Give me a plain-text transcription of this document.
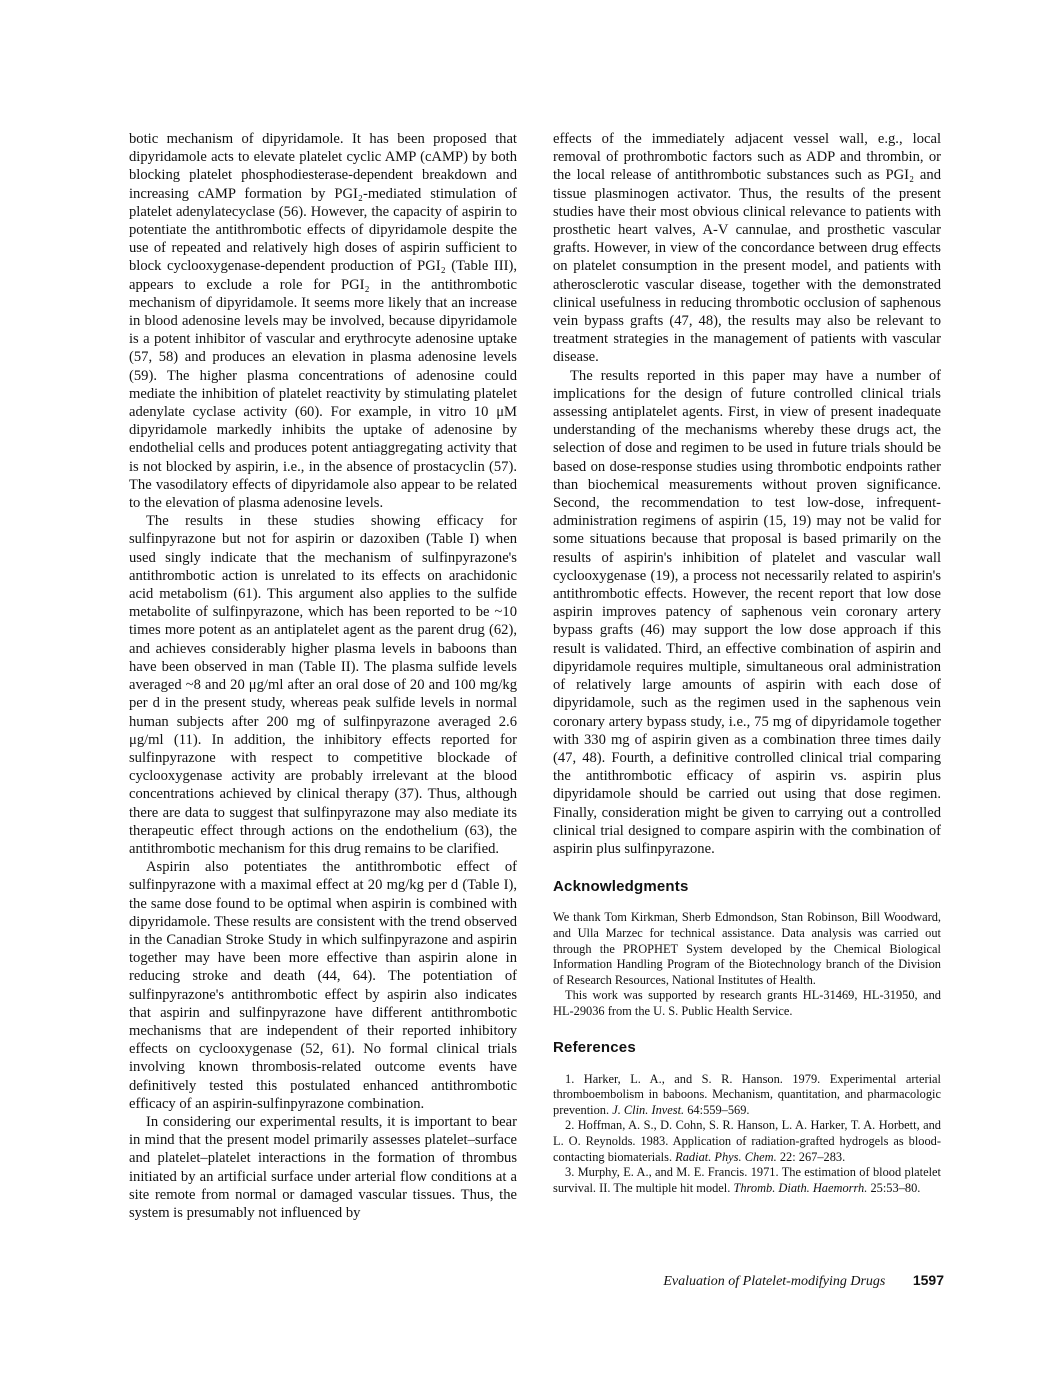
botic mechanism of dipyridamole. It has been proposed that dipyridamole acts to elevate platelet cyclic AMP (cAMP) by both blocking platelet phosphodiesterase-dependent breakdown and increasing cAMP formation by PGI₂-mediated stimulation of platelet adenylatecyclase (56). However, the capacity of aspirin to potentiate the antithrombotic effects of dipyridamole despite the use of repeated and relatively high doses of aspirin sufficient to block cyclooxygenase-dependent production of PGI₂ (Table III), appears to exclude a role for PGI₂ in the antithrombotic mechanism of dipyridamole. It seems more likely that an increase in blood adenosine levels may be involved, because dipyridamole is a potent inhibitor of vascular and erythrocyte adenosine uptake (57, 58) and produces an elevation in plasma adenosine levels (59). The higher plasma concentrations of adenosine could mediate the inhibition of platelet reactivity by stimulating platelet adenylate cyclase activity (60). For example, in vitro 10 μM dipyridamole markedly inhibits the uptake of adenosine by endothelial cells and produces potent antiaggregating activity that is not blocked by aspirin, i.e., in the absence of prostacyclin (57). The vasodilatory effects of dipyridamole also appear to be related to the elevation of plasma adenosine levels.

The results in these studies showing efficacy for sulfinpyrazone but not for aspirin or dazoxiben (Table I) when used singly indicate that the mechanism of sulfinpyrazone's antithrombotic action is unrelated to its effects on arachidonic acid metabolism (61). This argument also applies to the sulfide metabolite of sulfinpyrazone, which has been reported to be ~10 times more potent as an antiplatelet agent as the parent drug (62), and achieves considerably higher plasma levels in baboons than have been observed in man (Table II). The plasma sulfide levels averaged ~8 and 20 μg/ml after an oral dose of 20 and 100 mg/kg per d in the present study, whereas peak sulfide levels in normal human subjects after 200 mg of sulfinpyrazone averaged 2.6 μg/ml (11). In addition, the inhibitory effects reported for sulfinpyrazone with respect to competitive blockade of cyclooxygenase activity are probably irrelevant at the blood concentrations achieved by clinical therapy (37). Thus, although there are data to suggest that sulfinpyrazone may also mediate its therapeutic effect through actions on the endothelium (63), the antithrombotic mechanism for this drug remains to be clarified.

Aspirin also potentiates the antithrombotic effect of sulfinpyrazone with a maximal effect at 20 mg/kg per d (Table I), the same dose found to be optimal when aspirin is combined with dipyridamole. These results are consistent with the trend observed in the Canadian Stroke Study in which sulfinpyrazone and aspirin together may have been more effective than aspirin alone in reducing stroke and death (44, 64). The potentiation of sulfinpyrazone's antithrombotic effect by aspirin also indicates that aspirin and sulfinpyrazone have different antithrombotic mechanisms that are independent of their reported inhibitory effects on cyclooxygenase (52, 61). No formal clinical trials involving known thrombosis-related outcome events have definitively tested this postulated enhanced antithrombotic efficacy of an aspirin-sulfinpyrazone combination.

In considering our experimental results, it is important to bear in mind that the present model primarily assesses platelet–surface and platelet–platelet interactions in the formation of thrombus initiated by an artificial surface under arterial flow conditions at a site remote from normal or damaged vascular tissues. Thus, the system is presumably not influenced by

effects of the immediately adjacent vessel wall, e.g., local removal of prothrombotic factors such as ADP and thrombin, or the local release of antithrombotic substances such as PGI₂ and tissue plasminogen activator. Thus, the results of the present studies have their most obvious clinical relevance to patients with prosthetic heart valves, A-V cannulae, and prosthetic vascular grafts. However, in view of the concordance between drug effects on platelet consumption in the present model, and patients with atherosclerotic vascular disease, together with the demonstrated clinical usefulness in reducing thrombotic occlusion of saphenous vein bypass grafts (47, 48), the results may also be relevant to treatment strategies in the management of patients with vascular disease.

The results reported in this paper may have a number of implications for the design of future controlled clinical trials assessing antiplatelet agents. First, in view of present inadequate understanding of the mechanisms whereby these drugs act, the selection of dose and regimen to be used in future trials should be based on dose-response studies using thrombotic endpoints rather than biochemical measurements without proven significance. Second, the recommendation to test low-dose, infrequent-administration regimens of aspirin (15, 19) may not be valid for some situations because that proposal is based primarily on the results of aspirin's inhibition of platelet and vascular wall cyclooxygenase (19), a process not necessarily related to aspirin's antithrombotic effects. However, the recent report that low dose aspirin improves patency of saphenous vein coronary artery bypass grafts (46) may support the low dose approach if this result is validated. Third, an effective combination of aspirin and dipyridamole requires multiple, simultaneous oral administration of relatively large amounts of aspirin with each dose of dipyridamole, such as the regimen used in the saphenous vein coronary artery bypass study, i.e., 75 mg of dipyridamole together with 330 mg of aspirin given as a combination three times daily (47, 48). Fourth, a definitive controlled clinical trial comparing the antithrombotic efficacy of aspirin vs. aspirin plus dipyridamole should be carried out using that dose regimen. Finally, consideration might be given to carrying out a controlled clinical trial designed to compare aspirin with the combination of aspirin plus sulfinpyrazone.

Acknowledgments

We thank Tom Kirkman, Sherb Edmondson, Stan Robinson, Bill Woodward, and Ulla Marzec for technical assistance. Data analysis was carried out through the PROPHET System developed by the Chemical Biological Information Handling Program of the Biotechnology branch of the Division of Research Resources, National Institutes of Health.

This work was supported by research grants HL-31469, HL-31950, and HL-29036 from the U. S. Public Health Service.

References

1. Harker, L. A., and S. R. Hanson. 1979. Experimental arterial thromboembolism in baboons. Mechanism, quantitation, and pharmacologic prevention. J. Clin. Invest. 64:559–569.

2. Hoffman, A. S., D. Cohn, S. R. Hanson, L. A. Harker, T. A. Horbett, and L. O. Reynolds. 1983. Application of radiation-grafted hydrogels as blood-contacting biomaterials. Radiat. Phys. Chem. 22: 267–283.

3. Murphy, E. A., and M. E. Francis. 1971. The estimation of blood platelet survival. II. The multiple hit model. Thromb. Diath. Haemorrh. 25:53–80.

Evaluation of Platelet-modifying Drugs 1597
